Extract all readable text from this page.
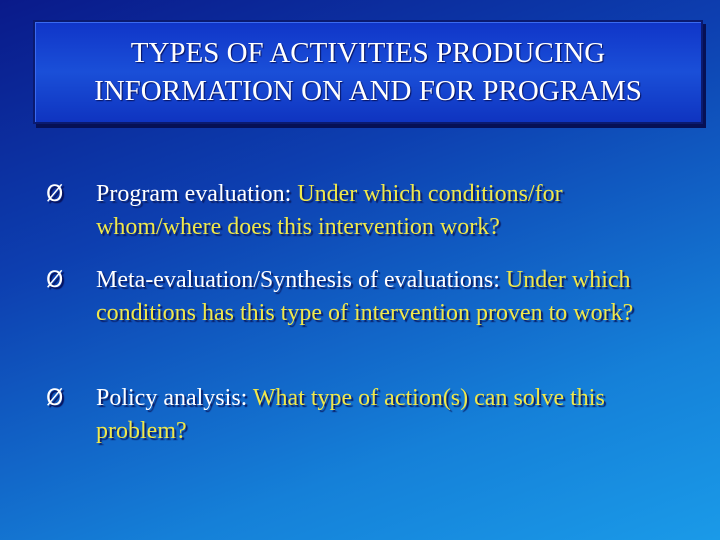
TYPES OF ACTIVITIES PRODUCING
INFORMATION ON AND FOR PROGRAMS
Ø Program evaluation: Under which conditions/for whom/where does this intervention work?
Ø Meta-evaluation/Synthesis of evaluations: Under which conditions has this type of intervention proven to work?
Ø Policy analysis: What type of action(s) can solve this problem?
